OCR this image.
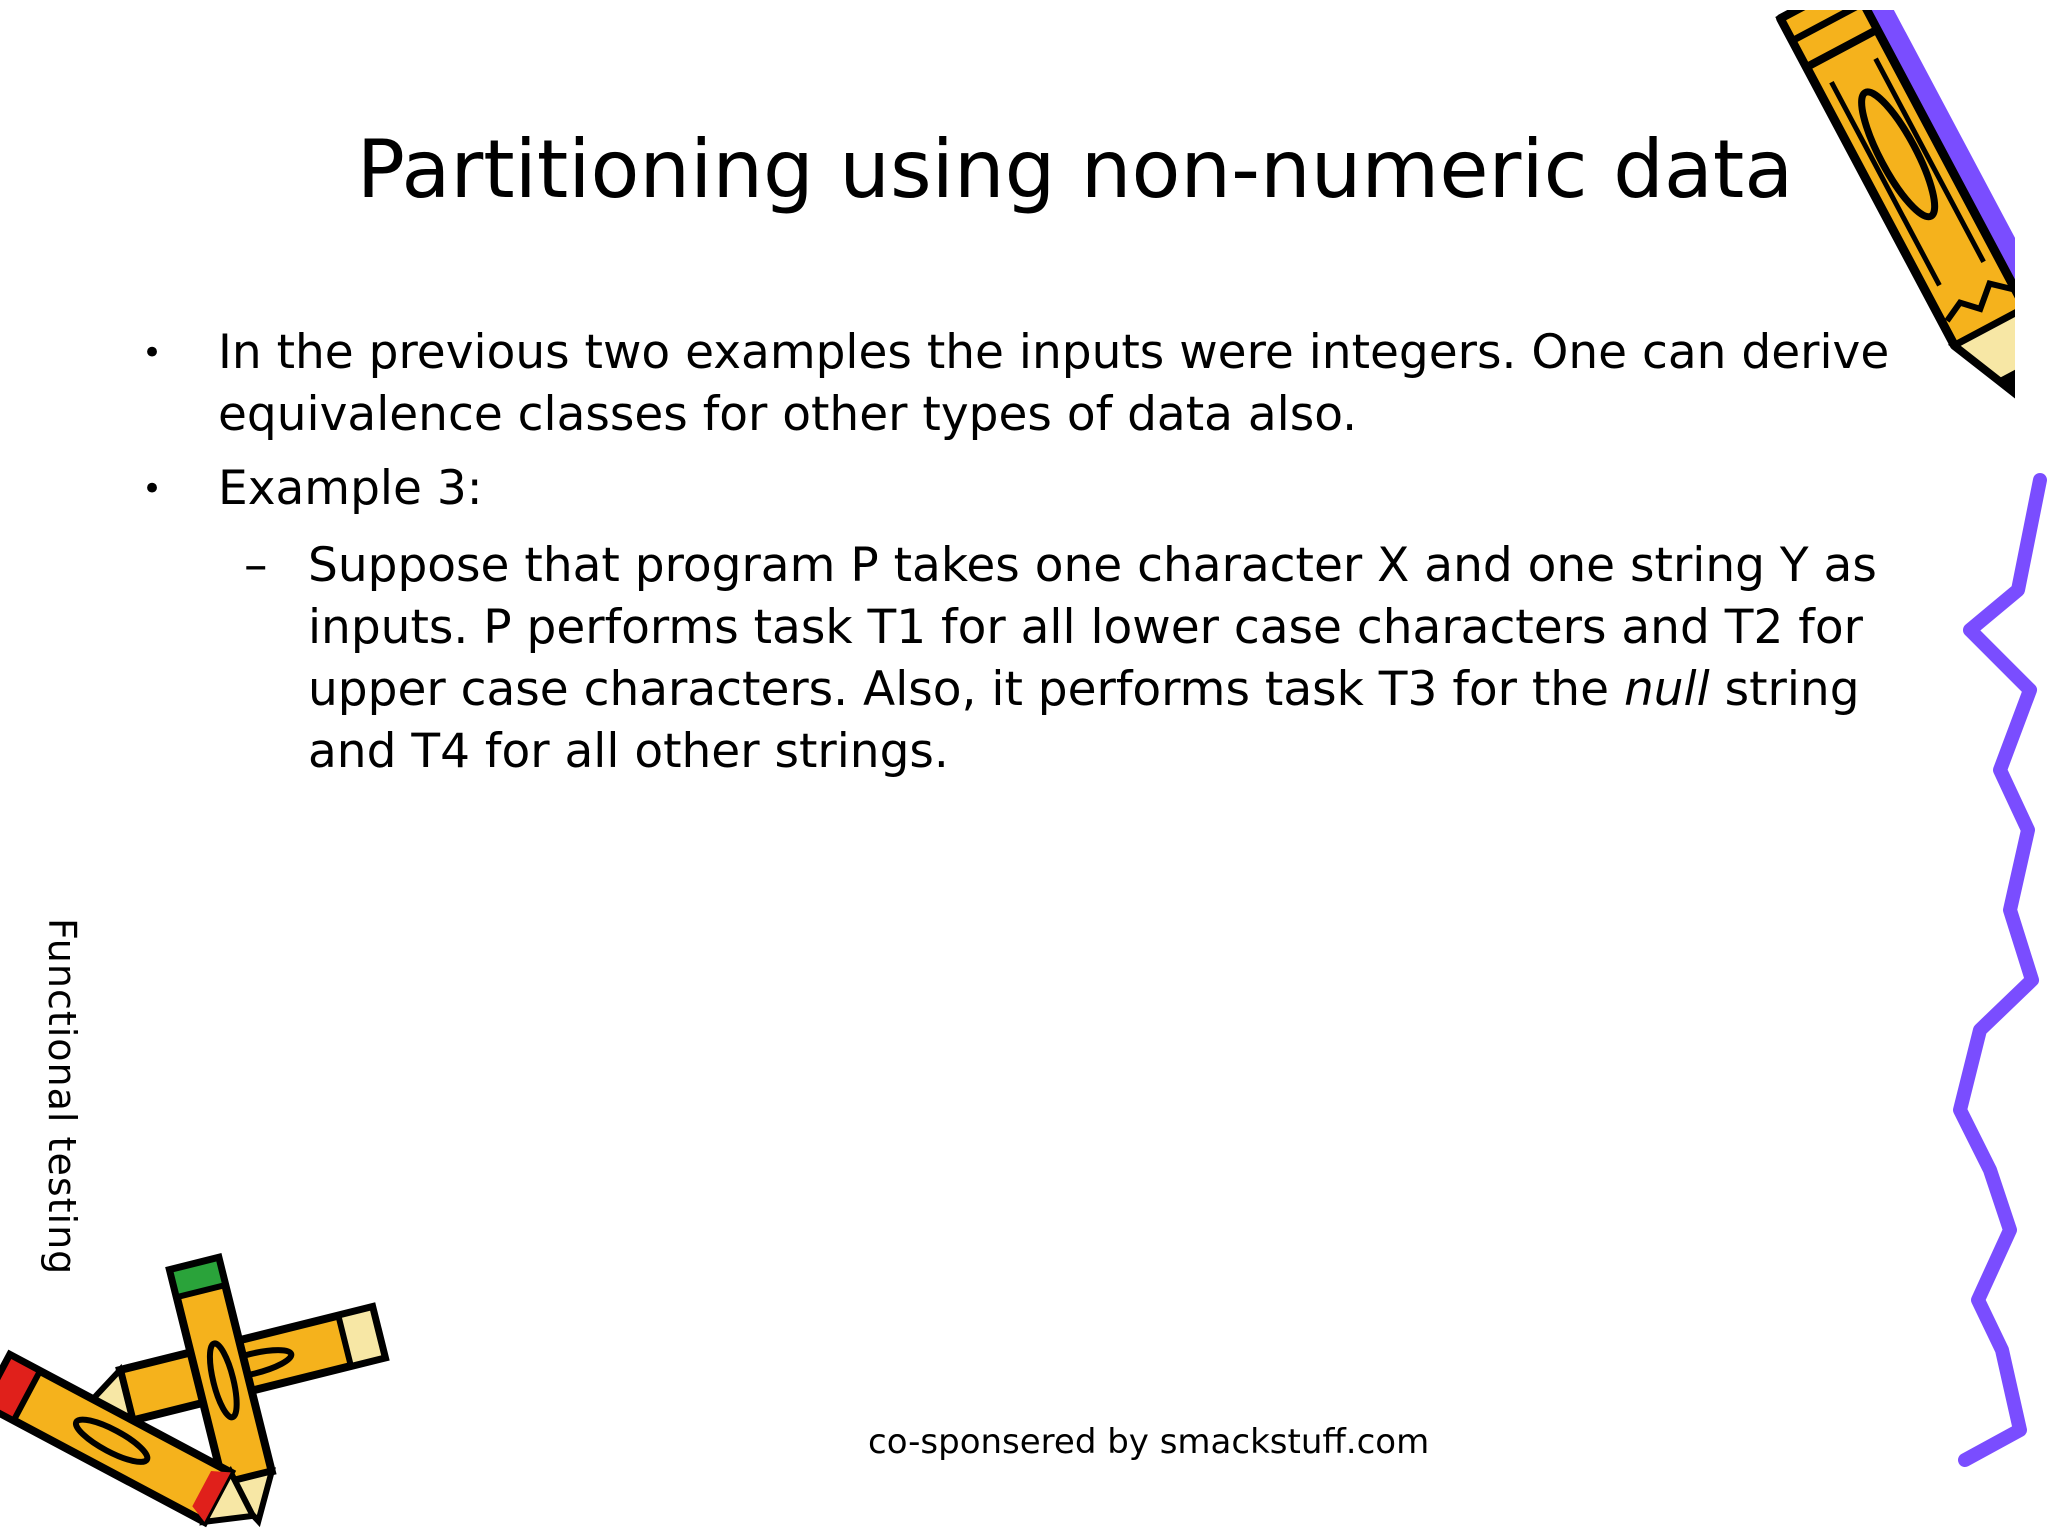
Partitioning using non-numeric data
•	In the previous two examples the inputs were integers. One can derive
equivalence classes for other types of data also.
•	Example 3:
– Suppose that program P takes one character X and one string Y as
inputs. P performs task T1 for all lower case characters and T2 for
upper case characters. Also, it performs task T3 for the null string
and T4 for all other strings.
Functional testing
co-sponsered by smackstuff.com
